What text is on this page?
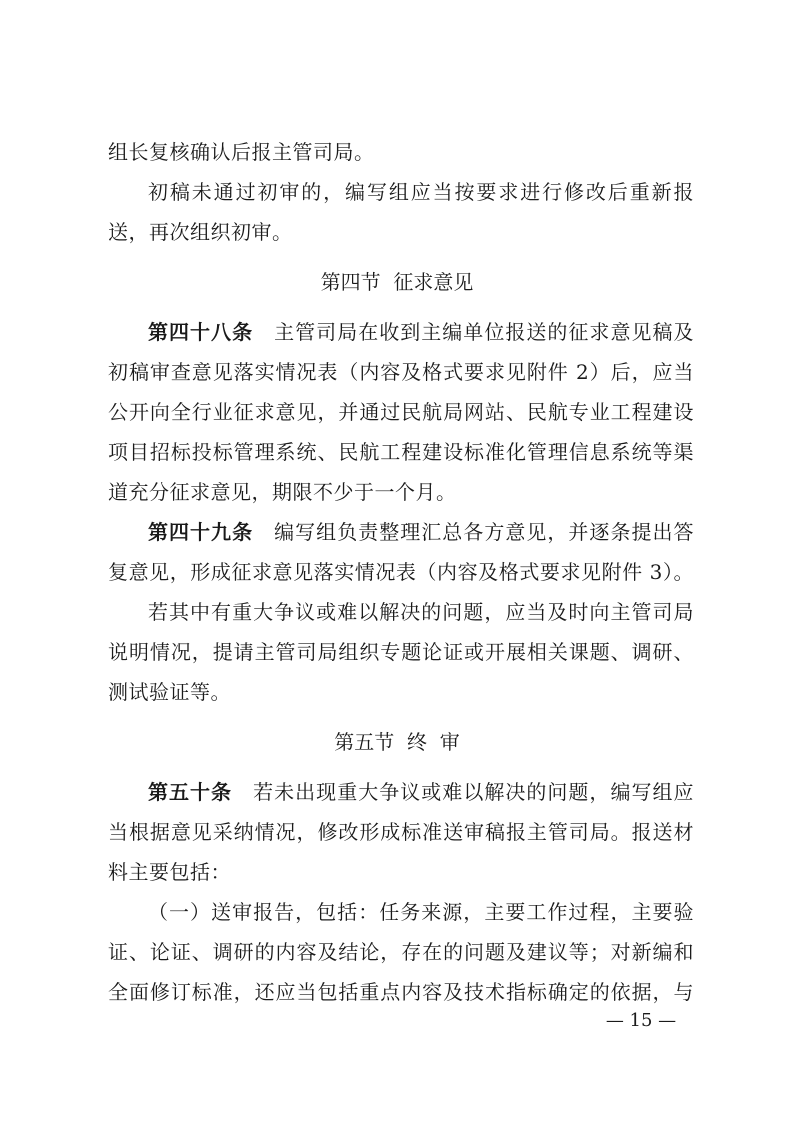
组长复核确认后报主管司局。
初稿未通过初审的，编写组应当按要求进行修改后重新报
送，再次组织初审。
第四节  征求意见
第四十八条　主管司局在收到主编单位报送的征求意见稿及
初稿审查意见落实情况表（内容及格式要求见附件 2）后，应当
公开向全行业征求意见，并通过民航局网站、民航专业工程建设
项目招标投标管理系统、民航工程建设标准化管理信息系统等渠
道充分征求意见，期限不少于一个月。
第四十九条　编写组负责整理汇总各方意见，并逐条提出答
复意见，形成征求意见落实情况表（内容及格式要求见附件 3）。
若其中有重大争议或难以解决的问题，应当及时向主管司局
说明情况，提请主管司局组织专题论证或开展相关课题、调研、
测试验证等。
第五节  终  审
第五十条　若未出现重大争议或难以解决的问题，编写组应
当根据意见采纳情况，修改形成标准送审稿报主管司局。报送材
料主要包括：
（一）送审报告，包括：任务来源，主要工作过程，主要验
证、论证、调研的内容及结论，存在的问题及建议等；对新编和
全面修订标准，还应当包括重点内容及技术指标确定的依据，与
— 15 —
